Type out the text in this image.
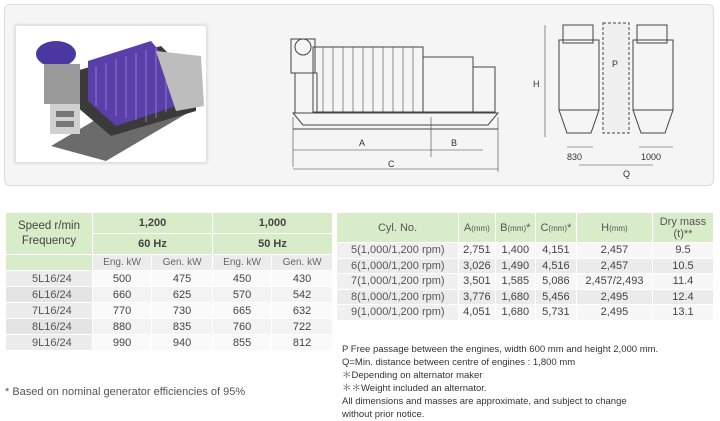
A	B
C
H
P
Q
830	1000
Speed r/min
Frequency	1,200		1,000	
	60 Hz		50 Hz	
	Eng. kW	Gen. kW	Eng. kW	Gen. kW
5L16/24	500	475	450	430
6L16/24	660	625	570	542
7L16/24	770	730	665	632
8L16/24	880	835	760	722
9L16/24	990	940	855	812
Cyl. No.	A(mm)	B(mm)*	C(mm)*	H(mm)	Dry mass
(t)**

5(1,000/1,200 rpm)	2,751	1,400	4,151	2,457	9.5
6(1,000/1,200 rpm)	3,026	1,490	4,516	2,457	10.5
7(1,000/1,200 rpm)	3,501	1,585	5,086	2,457/2,493	11.4
8(1,000/1,200 rpm)	3,776	1,680	5,456	2,495	12.4
9(1,000/1,200 rpm)	4,051	1,680	5,731	2,495	13.1
* Based on nominal generator efficiencies of 95%
P Free passage between the engines, width 600 mm and height 2,000 mm.
Q=Min. distance between centre of engines : 1,800 mm
＊Depending on alternator maker
＊＊Weight included an alternator.
All dimensions and masses are approximate, and subject to change
without prior notice.
